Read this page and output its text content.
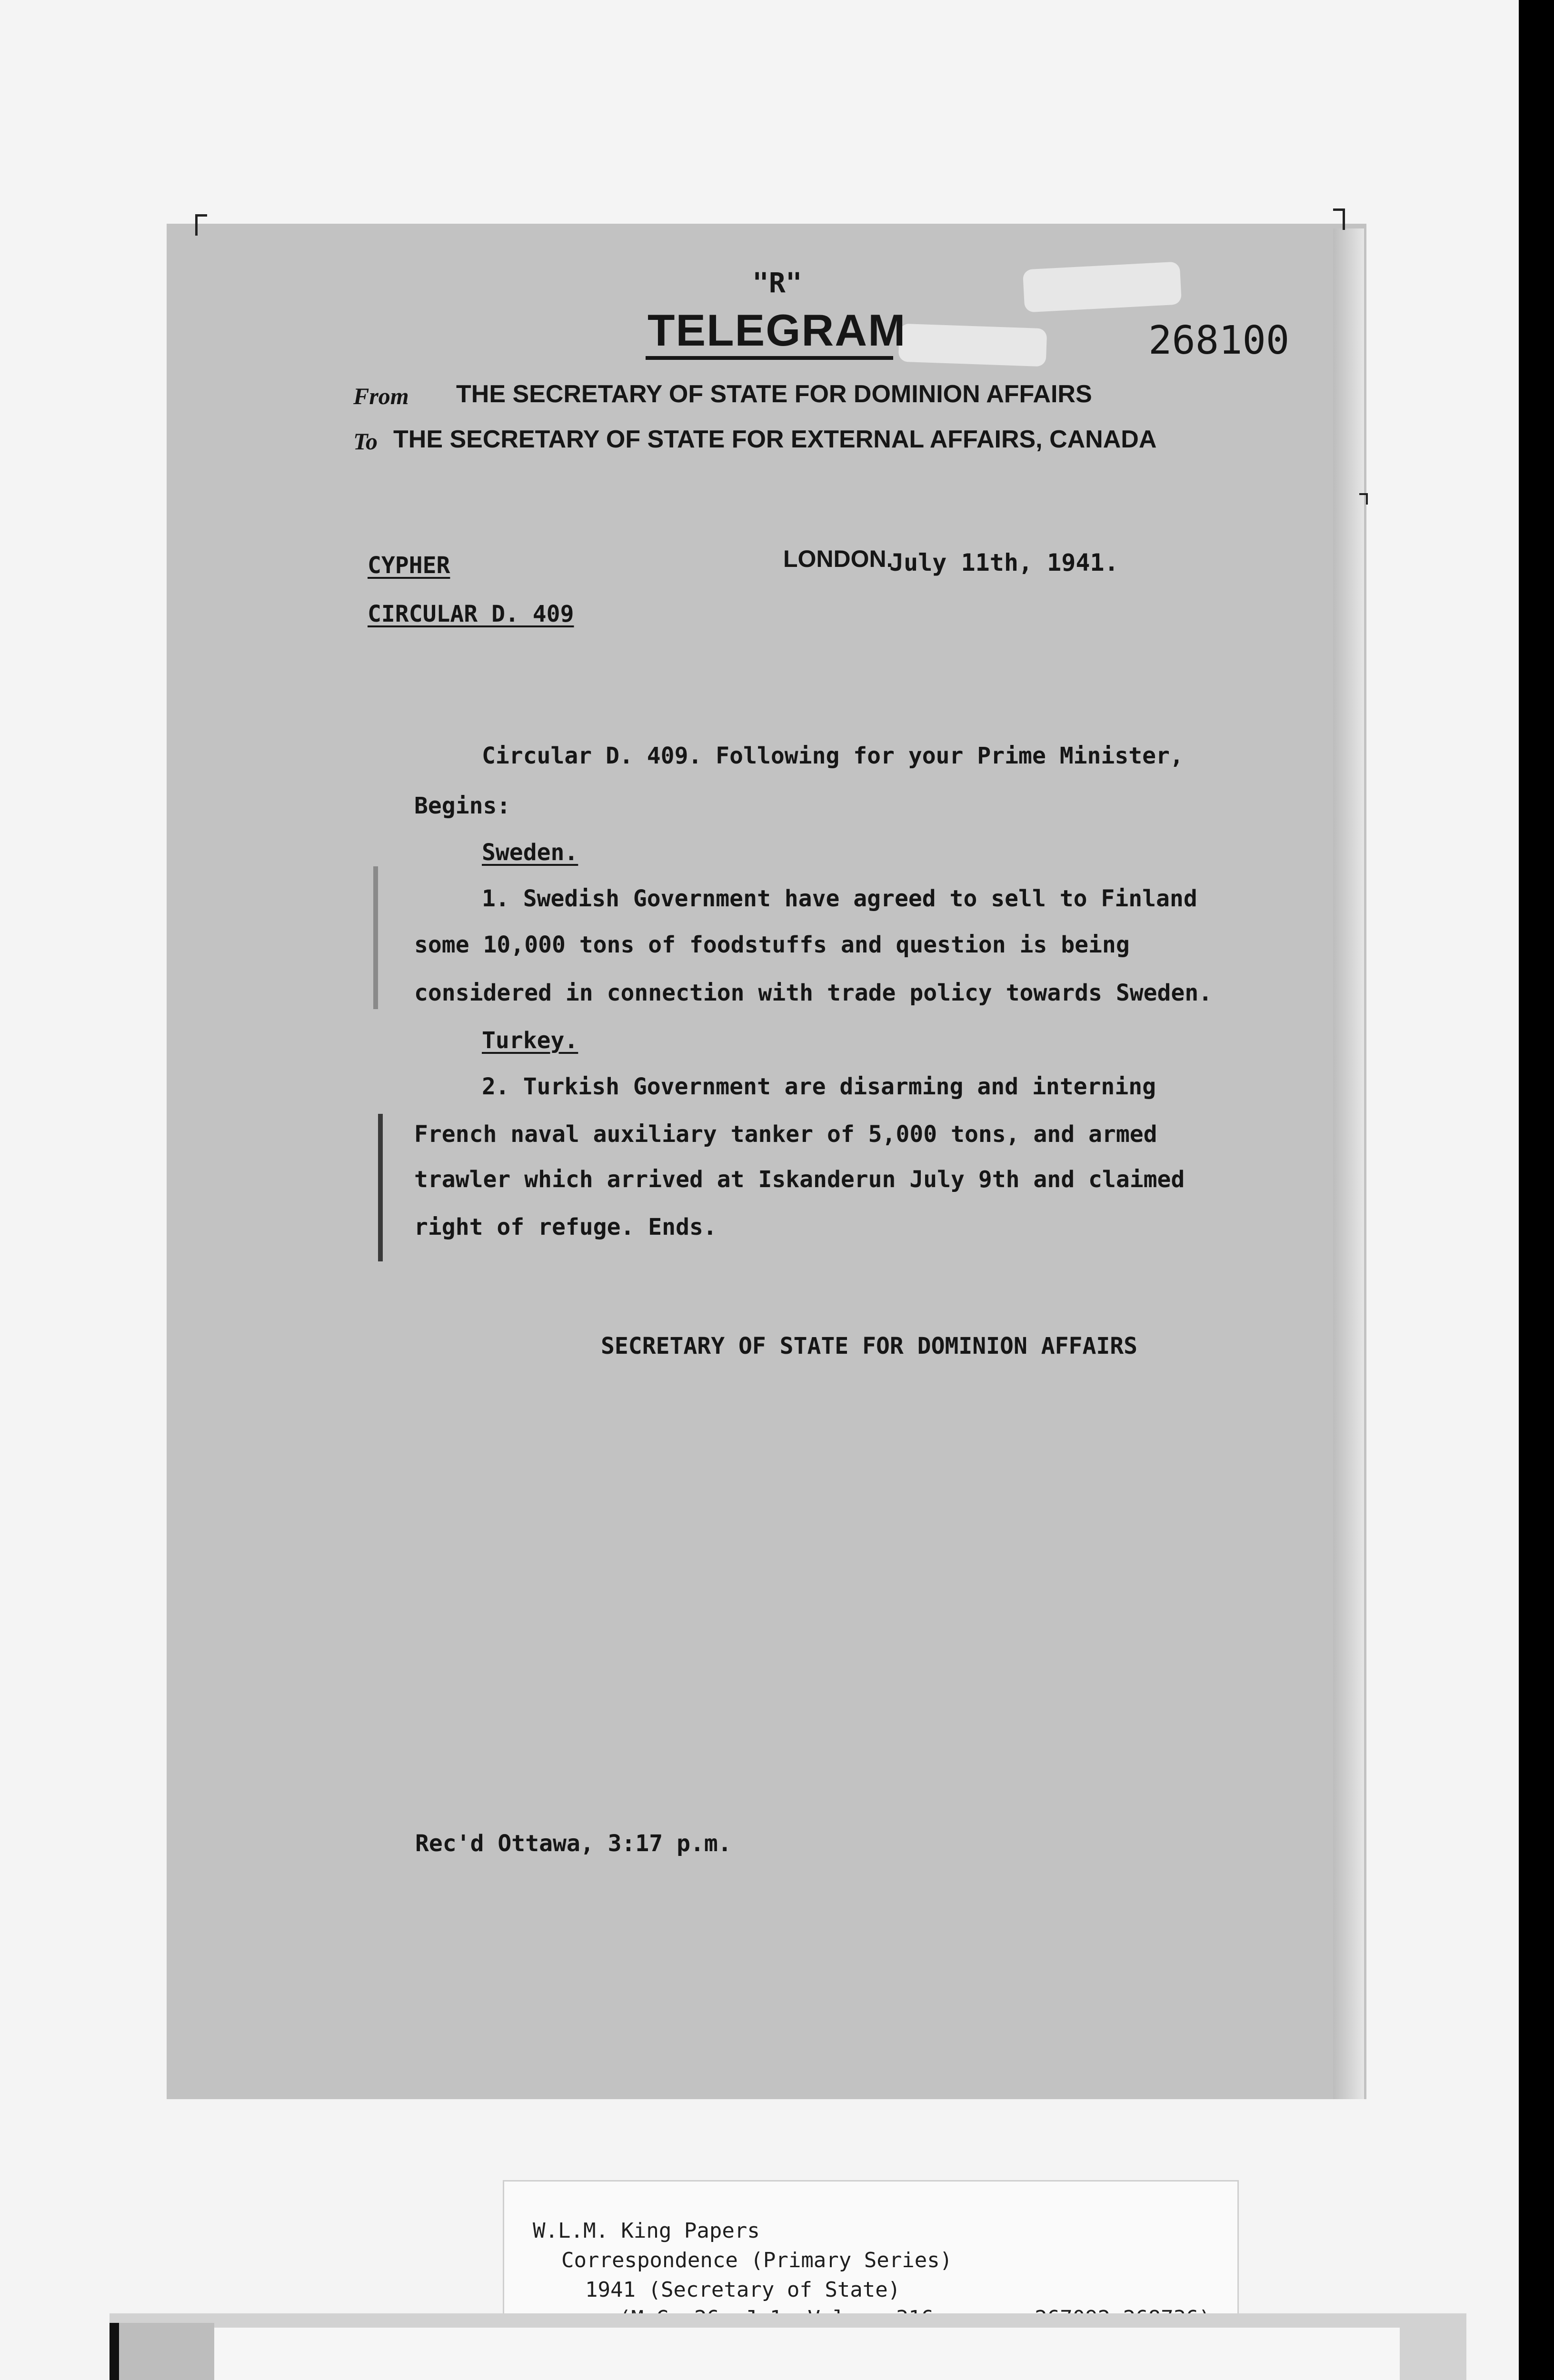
"R"
TELEGRAM	268100
From THE SECRETARY OF STATE FOR DOMINION AFFAIRS
To THE SECRETARY OF STATE FOR EXTERNAL AFFAIRS, CANADA
CYPHER
CIRCULAR D. 409
LONDON.
July 11th, 1941.
Circular D. 409. Following for your Prime Minister,
Begins:
Sweden.
1. Swedish Government have agreed to sell to Finland
some 10,000 tons of foodstuffs and question is being
considered in connection with trade policy towards Sweden.
Turkey.
2. Turkish Government are disarming and interning
French naval auxiliary tanker of 5,000 tons, and armed
trawler which arrived at Iskanderun July 9th and claimed
right of refuge. Ends.
SECRETARY OF STATE FOR DOMINION AFFAIRS
Rec'd Ottawa, 3:17 p.m.
W.L.M. King Papers
Correspondence (Primary Series)
1941 (Secretary of State)
